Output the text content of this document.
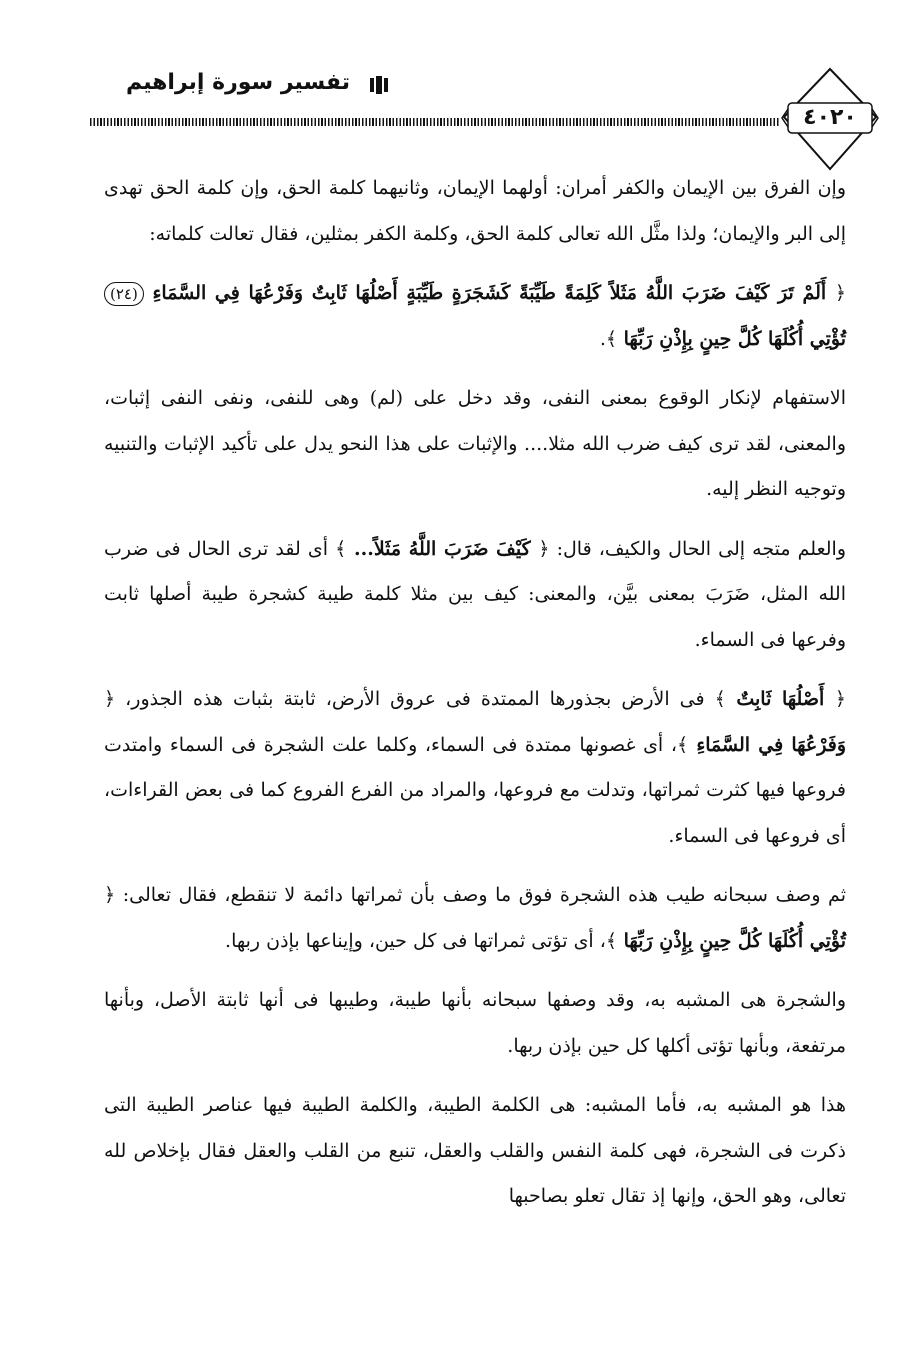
تفسير سورة إبراهيم
٤٠٢٠

وإن الفرق بين الإيمان والكفر أمران: أولهما الإيمان، وثانيهما كلمة الحق، وإن كلمة الحق تهدى إلى البر والإيمان؛ ولذا مثَّل الله تعالى كلمة الحق، وكلمة الكفر بمثلين، فقال تعالت كلماته:

﴿ أَلَمْ تَرَ كَيْفَ ضَرَبَ اللَّهُ مَثَلاً كَلِمَةً طَيِّبَةً كَشَجَرَةٍ طَيِّبَةٍ أَصْلُهَا ثَابِتٌ وَفَرْعُهَا فِي السَّمَاءِ (٢٤) تُؤْتِي أُكُلَهَا كُلَّ حِينٍ بِإِذْنِ رَبِّهَا ﴾.

الاستفهام لإنكار الوقوع بمعنى النفى، وقد دخل على (لم) وهى للنفى، ونفى النفى إثبات، والمعنى، لقد ترى كيف ضرب الله مثلا.... والإثبات على هذا النحو يدل على تأكيد الإثبات والتنبيه وتوجيه النظر إليه.

والعلم متجه إلى الحال والكيف، قال: ﴿ كَيْفَ ضَرَبَ اللَّهُ مَثَلاً... ﴾ أى لقد ترى الحال فى ضرب الله المثل، ضَرَبَ بمعنى بيَّن، والمعنى: كيف بين مثلا كلمة طيبة كشجرة طيبة أصلها ثابت وفرعها فى السماء.

﴿ أَصْلُهَا ثَابِتٌ ﴾ فى الأرض بجذورها الممتدة فى عروق الأرض، ثابتة بثبات هذه الجذور، ﴿ وَفَرْعُهَا فِي السَّمَاءِ ﴾، أى غصونها ممتدة فى السماء، وكلما علت الشجرة فى السماء وامتدت فروعها فيها كثرت ثمراتها، وتدلت مع فروعها، والمراد من الفرع الفروع كما فى بعض القراءات، أى فروعها فى السماء.

ثم وصف سبحانه طيب هذه الشجرة فوق ما وصف بأن ثمراتها دائمة لا تنقطع، فقال تعالى: ﴿ تُؤْتِي أُكُلَهَا كُلَّ حِينٍ بِإِذْنِ رَبِّهَا ﴾، أى تؤتى ثمراتها فى كل حين، وإيناعها بإذن ربها.

والشجرة هى المشبه به، وقد وصفها سبحانه بأنها طيبة، وطيبها فى أنها ثابتة الأصل، وبأنها مرتفعة، وبأنها تؤتى أكلها كل حين بإذن ربها.

هذا هو المشبه به، فأما المشبه: هى الكلمة الطيبة، والكلمة الطيبة فيها عناصر الطيبة التى ذكرت فى الشجرة، فهى كلمة النفس والقلب والعقل، تنبع من القلب والعقل فقال بإخلاص لله تعالى، وهو الحق، وإنها إذ تقال تعلو بصاحبها
